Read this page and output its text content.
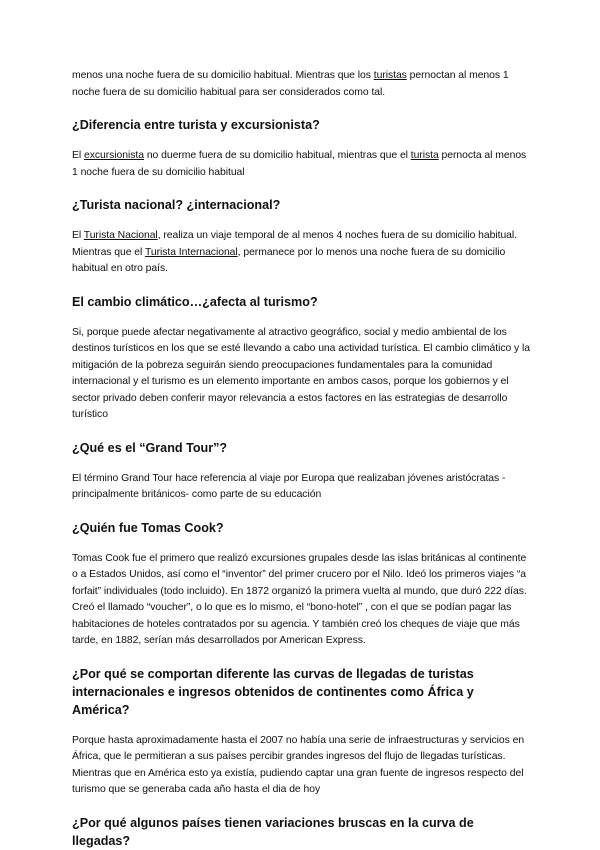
menos una noche fuera de su domicilio habitual. Mientras que los turistas pernoctan al menos 1 noche fuera de su domicilio habitual para ser considerados como tal.

¿Diferencia entre turista y excursionista?

El excursionista no duerme fuera de su domicilio habitual, mientras que el turista pernocta al menos 1 noche fuera de su domicilio habitual

¿Turista nacional? ¿internacional?

El Turista Nacional, realiza un viaje temporal de al menos 4 noches fuera de su domicilio habitual. Mientras que el Turista Internacional, permanece por lo menos una noche fuera de su domicilio habitual en otro país.

El cambio climático…¿afecta al turismo?

Si, porque puede afectar negativamente al atractivo geográfico, social y medio ambiental de los destinos turísticos en los que se esté llevando a cabo una actividad turística. El cambio climático y la mitigación de la pobreza seguirán siendo preocupaciones fundamentales para la comunidad internacional y el turismo es un elemento importante en ambos casos, porque los gobiernos y el sector privado deben conferir mayor relevancia a estos factores en las estrategias de desarrollo turístico

¿Qué es el “Grand Tour”?

El término Grand Tour hace referencia al viaje por Europa que realizaban jóvenes aristócratas -principalmente británicos- como parte de su educación

¿Quién fue Tomas Cook?

Tomas Cook fue el primero que realizó excursiones grupales desde las islas británicas al continente o a Estados Unidos, así como el “inventor” del primer crucero por el Nilo. Ideó los primeros viajes “a forfait” individuales (todo incluido). En 1872 organizó la primera vuelta al mundo, que duró 222 días. Creó el llamado “voucher”, o lo que es lo mismo, el “bono-hotel” , con el que se podían pagar las habitaciones de hoteles contratados por su agencia. Y también creó los cheques de viaje que más tarde, en 1882, serían más desarrollados por American Express.

¿Por qué se comportan diferente las curvas de llegadas de turistas internacionales e ingresos obtenidos de continentes como África y América?

Porque hasta aproximadamente hasta el 2007 no había una serie de infraestructuras y servicios en África, que le permitieran a sus países percibir grandes ingresos del flujo de llegadas turísticas. Mientras que en América esto ya existía, pudiendo captar una gran fuente de ingresos respecto del turismo que se generaba cada año hasta el dia de hoy

¿Por qué algunos países tienen variaciones bruscas en la curva de llegadas?
